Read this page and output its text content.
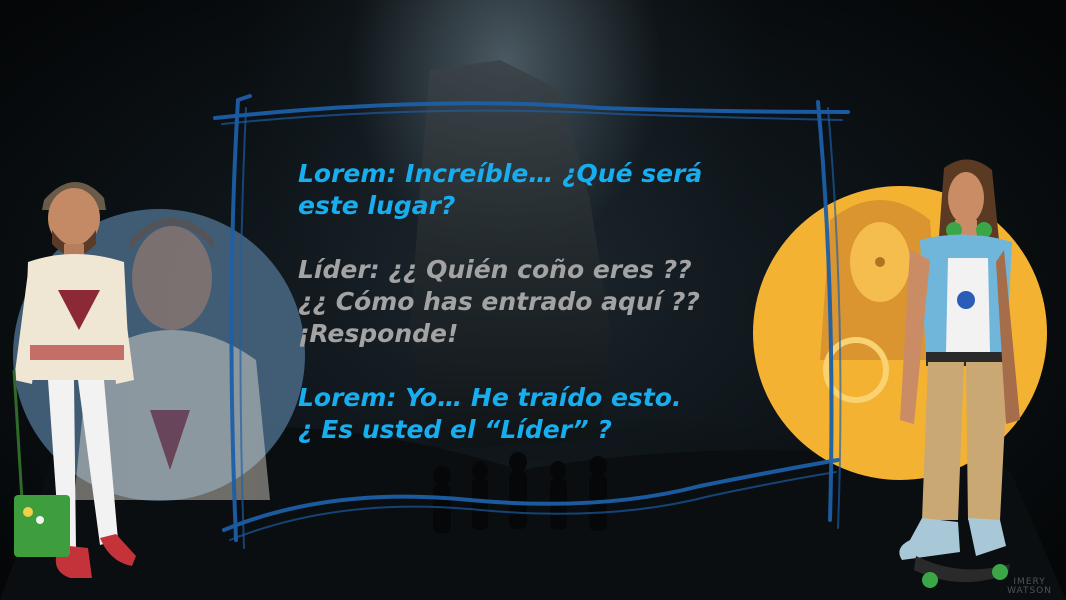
Lorem: Increíble… ¿Qué será
este lugar?

Líder: ¿¿ Quién coño eres ??
¿¿ Cómo has entrado aquí ??
¡Responde!

Lorem: Yo… He traído esto.
¿ Es usted el “Líder” ?

IMERY
WATSON
